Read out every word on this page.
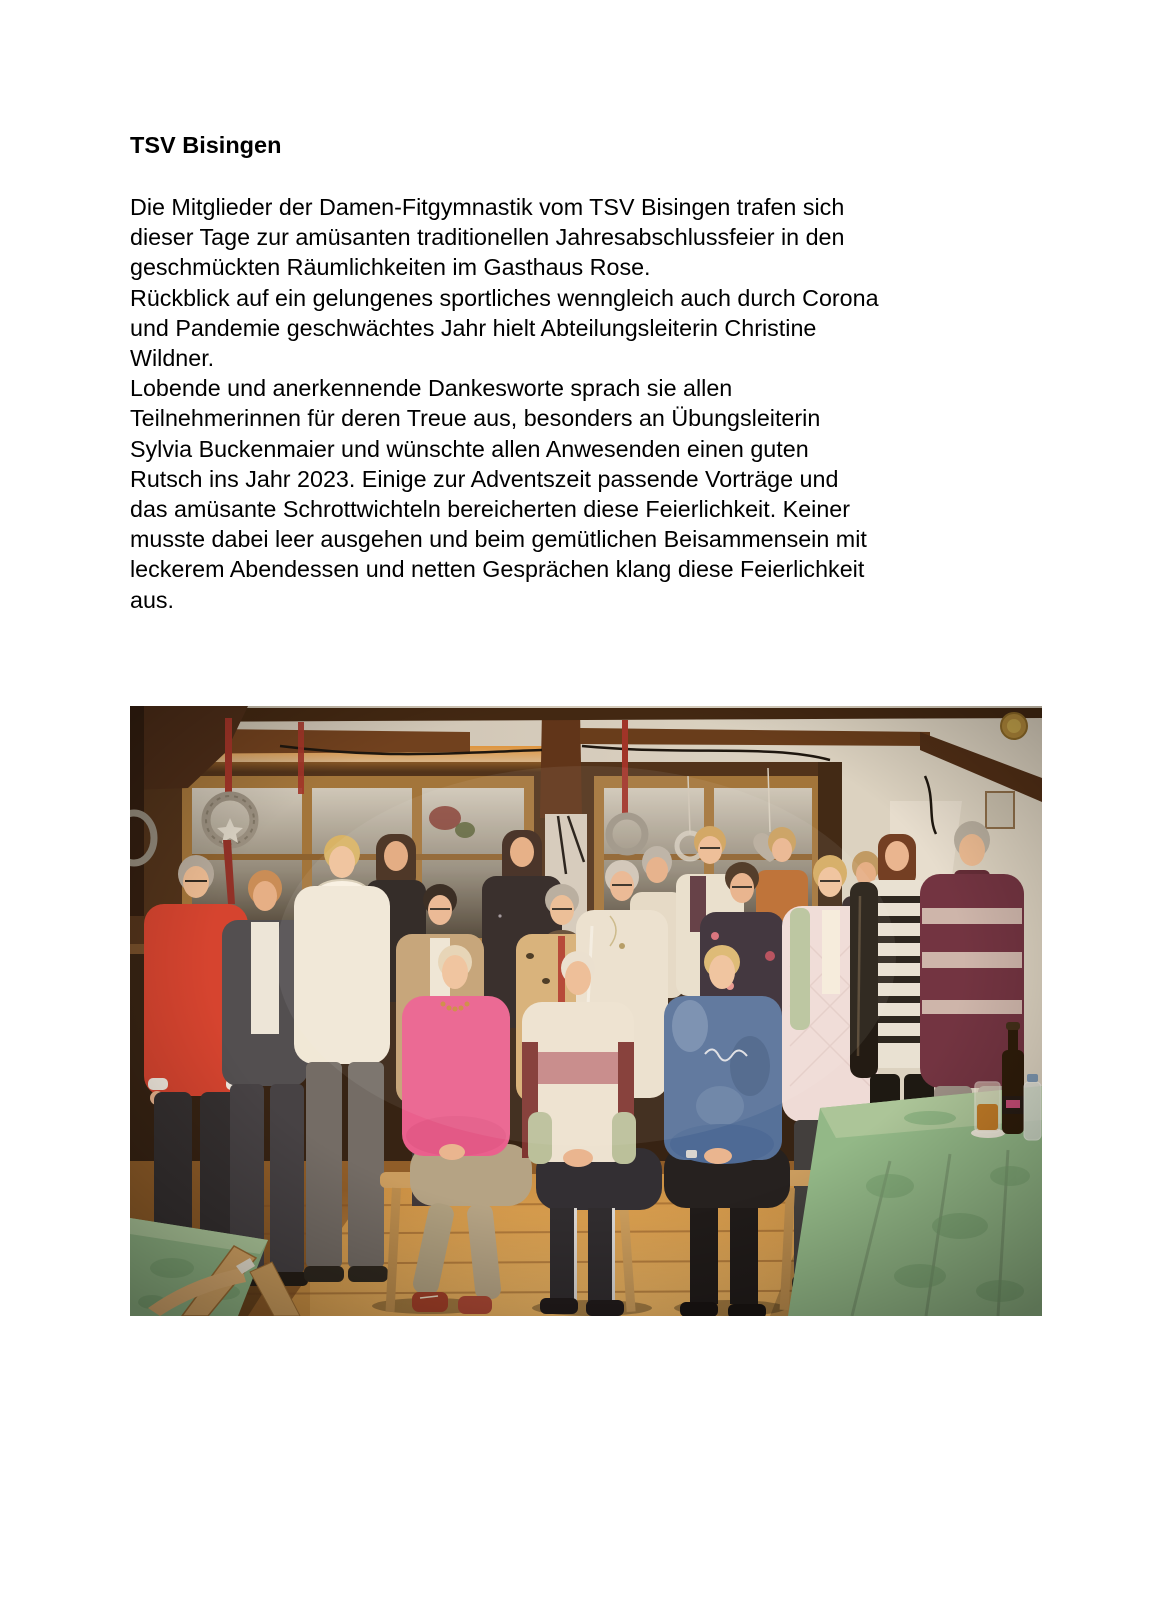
TSV Bisingen
Die Mitglieder der Damen-Fitgymnastik vom TSV Bisingen trafen sich
dieser Tage zur amüsanten traditionellen Jahresabschlussfeier in den
geschmückten Räumlichkeiten im Gasthaus Rose.
Rückblick auf ein gelungenes sportliches wenngleich auch durch Corona
und Pandemie geschwächtes Jahr hielt Abteilungsleiterin Christine
Wildner.
Lobende und anerkennende Dankesworte sprach sie allen
Teilnehmerinnen für deren Treue aus, besonders an Übungsleiterin
Sylvia Buckenmaier und wünschte allen Anwesenden einen guten
Rutsch ins Jahr 2023. Einige zur Adventszeit passende Vorträge und
das amüsante Schrottwichteln bereicherten diese Feierlichkeit. Keiner
musste dabei leer ausgehen und beim gemütlichen Beisammensein mit
leckerem Abendessen und netten Gesprächen klang diese Feierlichkeit
aus.
